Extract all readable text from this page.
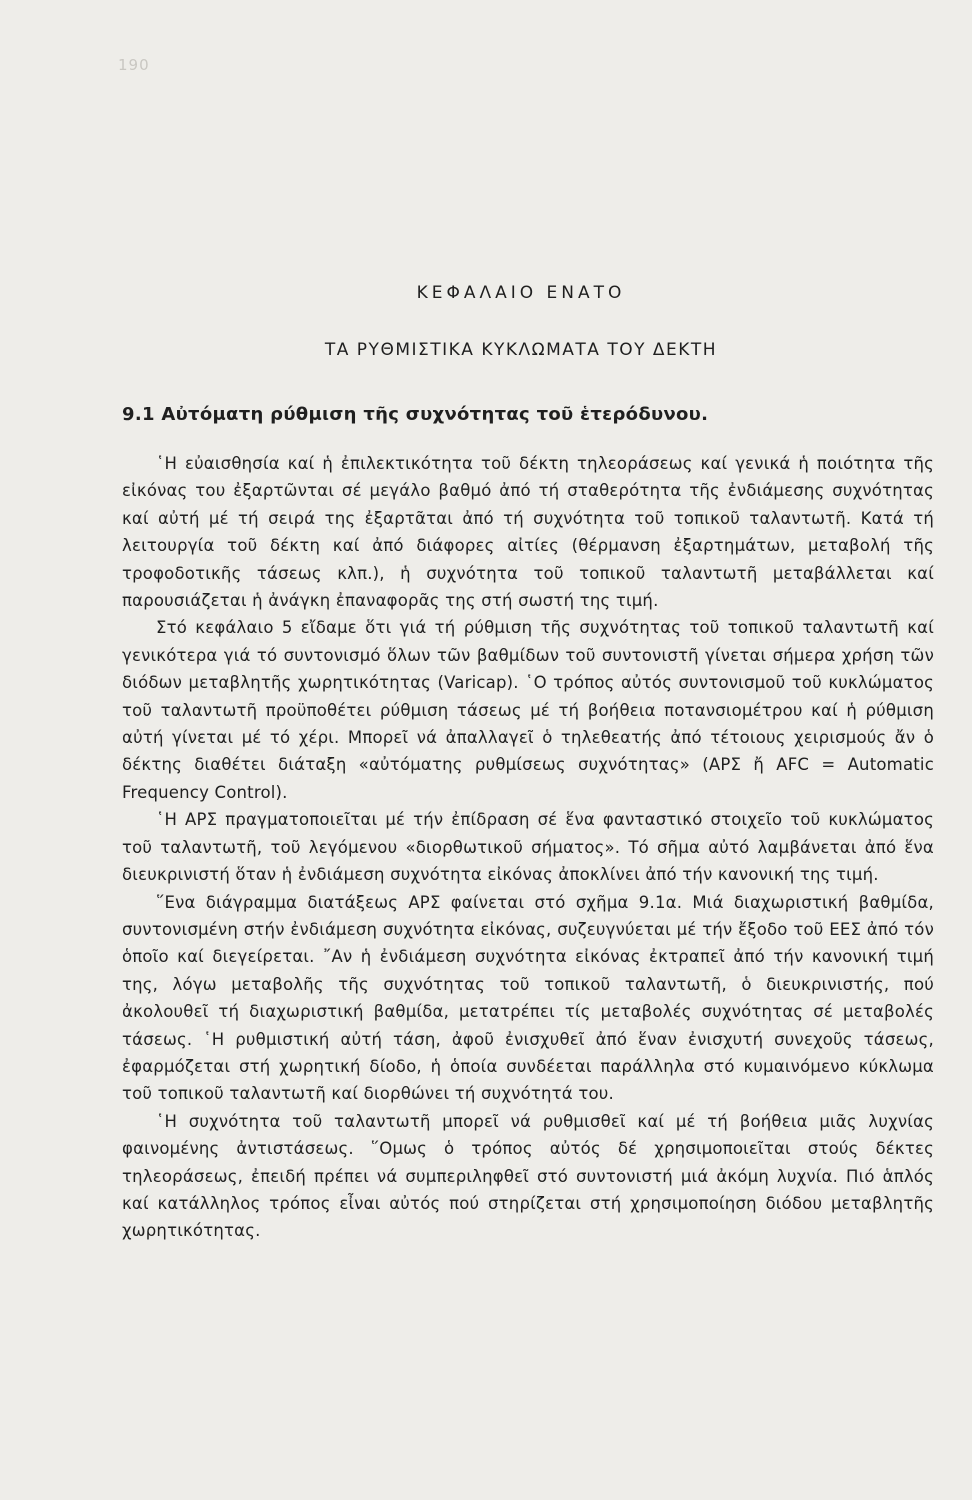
190
ΚΕΦΑΛΑΙΟ ΕΝΑΤΟ
ΤΑ ΡΥΘΜΙΣΤΙΚΑ ΚΥΚΛΩΜΑΤΑ ΤΟΥ ΔΕΚΤΗ
9.1 Αὐτόματη ρύθμιση τῆς συχνότητας τοῦ ἑτερόδυνου.

῾Η εὐαισθησία καί ἡ ἐπιλεκτικότητα τοῦ δέκτη τηλεοράσεως καί γενικά ἡ ποιότητα τῆς εἰκόνας του ἐξαρτῶνται σέ μεγάλο βαθμό ἀπό τή σταθερότητα τῆς ἐνδιάμεσης συχνότητας καί αὐτή μέ τή σειρά της ἐξαρτᾶται ἀπό τή συχνότητα τοῦ τοπικοῦ ταλαντωτῆ. Κατά τή λειτουργία τοῦ δέκτη καί ἀπό διάφορες αἰτίες (θέρμανση ἐξαρτημάτων, μεταβολή τῆς τροφοδοτικῆς τάσεως κλπ.), ἡ συχνότητα τοῦ τοπικοῦ ταλαντωτῆ μεταβάλλεται καί παρουσιάζεται ἡ ἀνάγκη ἐπαναφορᾶς της στή σωστή της τιμή.

Στό κεφάλαιο 5 εἴδαμε ὅτι γιά τή ρύθμιση τῆς συχνότητας τοῦ τοπικοῦ ταλαντωτῆ καί γενικότερα γιά τό συντονισμό ὅλων τῶν βαθμίδων τοῦ συντονιστῆ γίνεται σήμερα χρήση τῶν διόδων μεταβλητῆς χωρητικότητας (Varicap). ῾Ο τρόπος αὐτός συντονισμοῦ τοῦ κυκλώματος τοῦ ταλαντωτῆ προϋποθέτει ρύθμιση τάσεως μέ τή βοήθεια ποτανσιομέτρου καί ἡ ρύθμιση αὐτή γίνεται μέ τό χέρι. Μπορεῖ νά ἀπαλλαγεῖ ὁ τηλεθεατής ἀπό τέτοιους χειρισμούς ἄν ὁ δέκτης διαθέτει διάταξη «αὐτόματης ρυθμίσεως συχνότητας» (ΑΡΣ ἤ AFC = Automatic Frequency Control).

῾Η ΑΡΣ πραγματοποιεῖται μέ τήν ἐπίδραση σέ ἕνα φανταστικό στοιχεῖο τοῦ κυκλώματος τοῦ ταλαντωτῆ, τοῦ λεγόμενου «διορθωτικοῦ σήματος». Τό σῆμα αὐτό λαμβάνεται ἀπό ἕνα διευκρινιστή ὅταν ἡ ἐνδιάμεση συχνότητα εἰκόνας ἀποκλίνει ἀπό τήν κανονική της τιμή.

῞Ενα διάγραμμα διατάξεως ΑΡΣ φαίνεται στό σχῆμα 9.1α. Μιά διαχωριστική βαθμίδα, συντονισμένη στήν ἐνδιάμεση συχνότητα εἰκόνας, συζευγνύεται μέ τήν ἔξοδο τοῦ ΕΕΣ ἀπό τόν ὁποῖο καί διεγείρεται. ῎Αν ἡ ἐνδιάμεση συχνότητα εἰκόνας ἐκτραπεῖ ἀπό τήν κανονική τιμή της, λόγω μεταβολῆς τῆς συχνότητας τοῦ τοπικοῦ ταλαντωτῆ, ὁ διευκρινιστής, πού ἀκολουθεῖ τή διαχωριστική βαθμίδα, μετατρέπει τίς μεταβολές συχνότητας σέ μεταβολές τάσεως. ῾Η ρυθμιστική αὐτή τάση, ἀφοῦ ἐνισχυθεῖ ἀπό ἕναν ἐνισχυτή συνεχοῦς τάσεως, ἐφαρμόζεται στή χωρητική δίοδο, ἡ ὁποία συνδέεται παράλληλα στό κυμαινόμενο κύκλωμα τοῦ τοπικοῦ ταλαντωτῆ καί διορθώνει τή συχνότητά του.

῾Η συχνότητα τοῦ ταλαντωτῆ μπορεῖ νά ρυθμισθεῖ καί μέ τή βοήθεια μιᾶς λυχνίας φαινομένης ἀντιστάσεως. ῞Ομως ὁ τρόπος αὐτός δέ χρησιμοποιεῖται στούς δέκτες τηλεοράσεως, ἐπειδή πρέπει νά συμπεριληφθεῖ στό συντονιστή μιά ἀκόμη λυχνία. Πιό ἁπλός καί κατάλληλος τρόπος εἶναι αὐτός πού στηρίζεται στή χρησιμοποίηση διόδου μεταβλητῆς χωρητικότητας.
